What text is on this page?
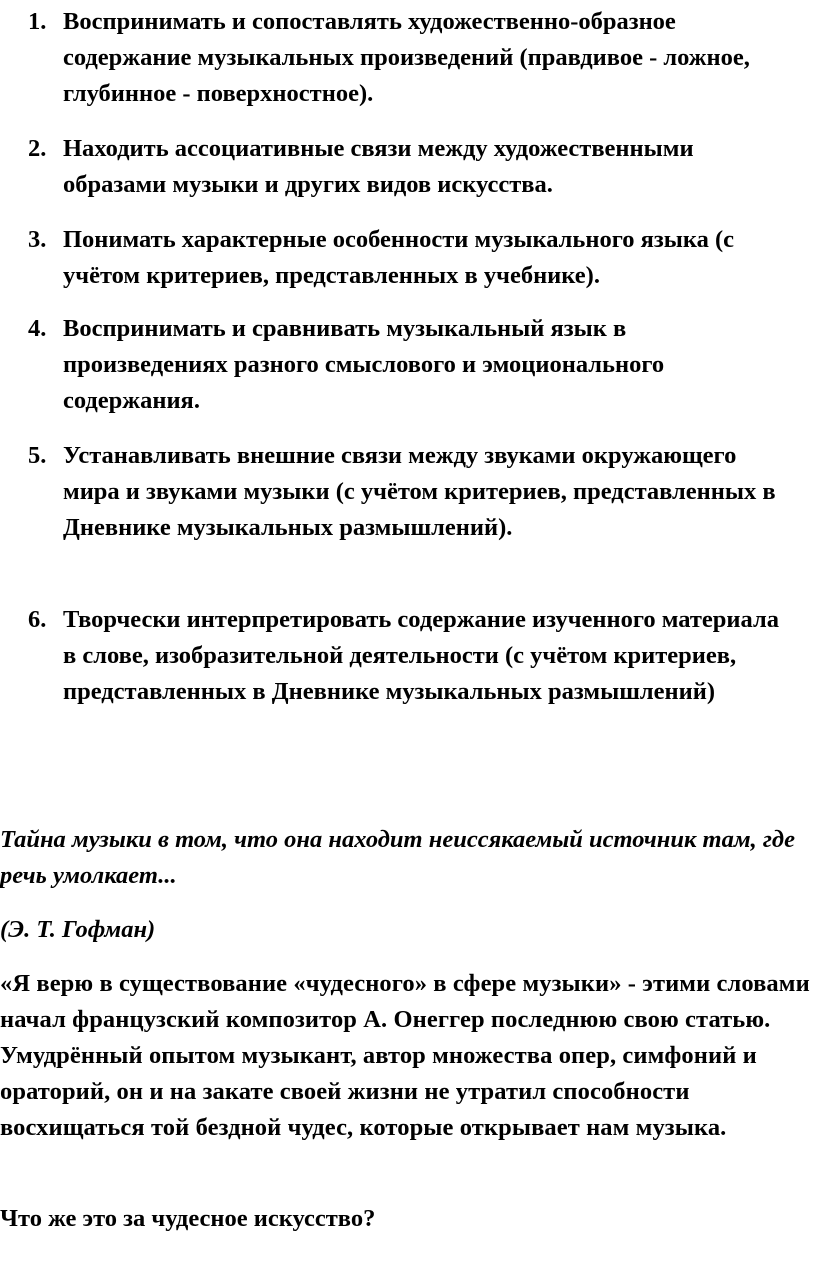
1. Воспринимать и сопоставлять художественно-образное содержание музыкальных произведений (правдивое - ложное, глубинное - поверхностное).
2. Находить ассоциативные связи между художественными образами музыки и других видов искусства.
3. Понимать характерные особенности музыкального языка (с учётом критериев, представленных в учебнике).
4. Воспринимать и сравнивать музыкальный язык в произведениях разного смыслового и эмоционального содержания.
5. Устанавливать внешние связи между звуками окружающего мира и звуками музыки (с учётом критериев, представленных в Дневнике музыкальных размышлений).
6. Творчески интерпретировать содержание изученного материала в слове, изобразительной деятельности (с учётом критериев, представленных в Дневнике музыкальных размышлений)

Тайна музыки в том, что она находит неиссякаемый источник там, где речь умолкает...

(Э. Т. Гофман)

«Я верю в существование «чудесного» в сфере музыки» - этими словами начал французский композитор А. Онеггер последнюю свою статью. Умудрённый опытом музыкант, автор множества опер, симфоний и ораторий, он и на закате своей жизни не утратил способности восхищаться той бездной чудес, которые открывает нам музыка.

Что же это за чудесное искусство?
